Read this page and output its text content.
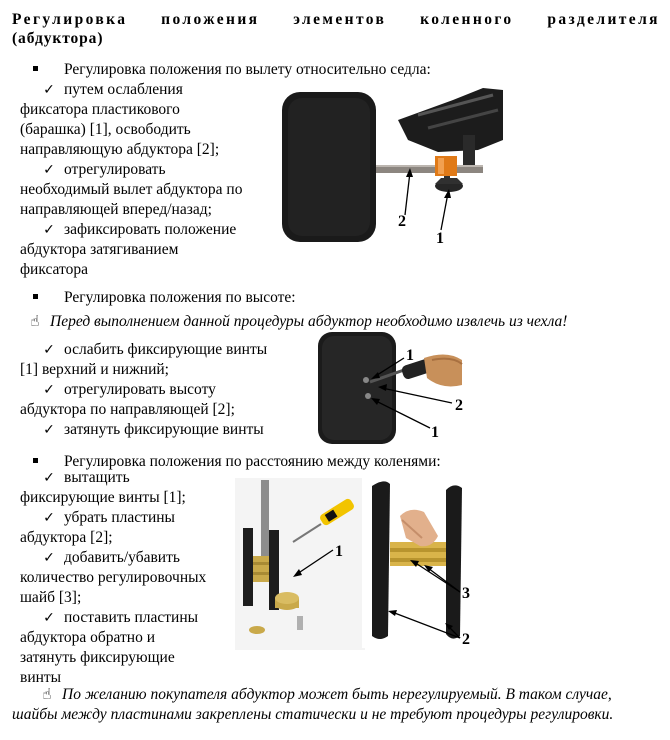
Регулировка положения элементов коленного разделителя
(абдуктора)
Регулировка положения по вылету относительно седла:
✓ путем ослабления
фиксатора пластикового
(барашка) [1], освободить
направляющую абдуктора [2];
✓ отрегулировать
необходимый вылет абдуктора по
направляющей вперед/назад;
✓ зафиксировать положение
абдуктора затягиванием
фиксатора
2
1
Регулировка положения по высоте:
☝ Перед выполнением данной процедуры абдуктор необходимо извлечь из чехла!
✓ ослабить фиксирующие винты
[1] верхний и нижний;
✓ отрегулировать высоту
абдуктора по направляющей [2];
✓ затянуть фиксирующие винты
1
2
1
Регулировка положения по расстоянию между коленями:
✓ вытащить
фиксирующие винты [1];
✓ убрать пластины
абдуктора [2];
✓ добавить/убавить
количество регулировочных
шайб [3];
✓ поставить пластины
абдуктора обратно и
затянуть фиксирующие
винты
1
3
2
☝ По желанию покупателя абдуктор может быть нерегулируемый. В таком случае,
шайбы между пластинами закреплены статически и не требуют процедуры регулировки.
